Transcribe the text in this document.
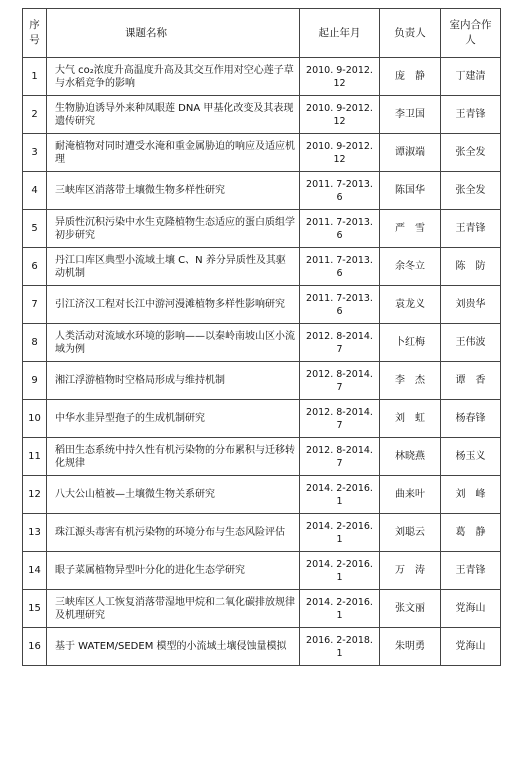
序号	课题名称	起止年月	负责人	室内合作人
1	大气 co₂浓度升高温度升高及其交互作用对空心莲子草与水稻竞争的影响	2010. 9-2012. 12	庞　静	丁建清
2	生物胁迫诱导外来种凤眼莲 DNA 甲基化改变及其表现遗传研究	2010. 9-2012. 12	李卫国	王青锋
3	耐淹植物对同时遭受水淹和重金属胁迫的响应及适应机理	2010. 9-2012. 12	谭淑端	张全发
4	三峡库区消落带土壤微生物多样性研究	2011. 7-2013. 6	陈国华	张全发
5	异质性沉积污染中水生克隆植物生态适应的蛋白质组学初步研究	2011. 7-2013. 6	严　雪	王青锋
6	丹江口库区典型小流域土壤 C、N 养分异质性及其驱动机制	2011. 7-2013. 6	余冬立	陈　防
7	引江济汉工程对长江中游河漫滩植物多样性影响研究	2011. 7-2013. 6	袁龙义	刘贵华
8	人类活动对流域水环境的影响——以秦岭南坡山区小流域为例	2012. 8-2014. 7	卜红梅	王伟波
9	湘江浮游植物时空格局形成与维持机制	2012. 8-2014. 7	李　杰	谭　香
10	中华水韭异型孢子的生成机制研究	2012. 8-2014. 7	刘　虹	杨春锋
11	稻田生态系统中持久性有机污染物的分布累积与迁移转化规律	2012. 8-2014. 7	林晓燕	杨玉义
12	八大公山植被—土壤微生物关系研究	2014. 2-2016. 1	曲来叶	刘　峰
13	珠江源头毒害有机污染物的环境分布与生态风险评估	2014. 2-2016. 1	刘聪云	葛　静
14	眼子菜属植物异型叶分化的进化生态学研究	2014. 2-2016. 1	万　涛	王青锋
15	三峡库区人工恢复消落带湿地甲烷和二氧化碳排放规律及机理研究	2014. 2-2016. 1	张文丽	党海山
16	基于 WATEM/SEDEM 模型的小流域土壤侵蚀量模拟	2016. 2-2018. 1	朱明勇	党海山
